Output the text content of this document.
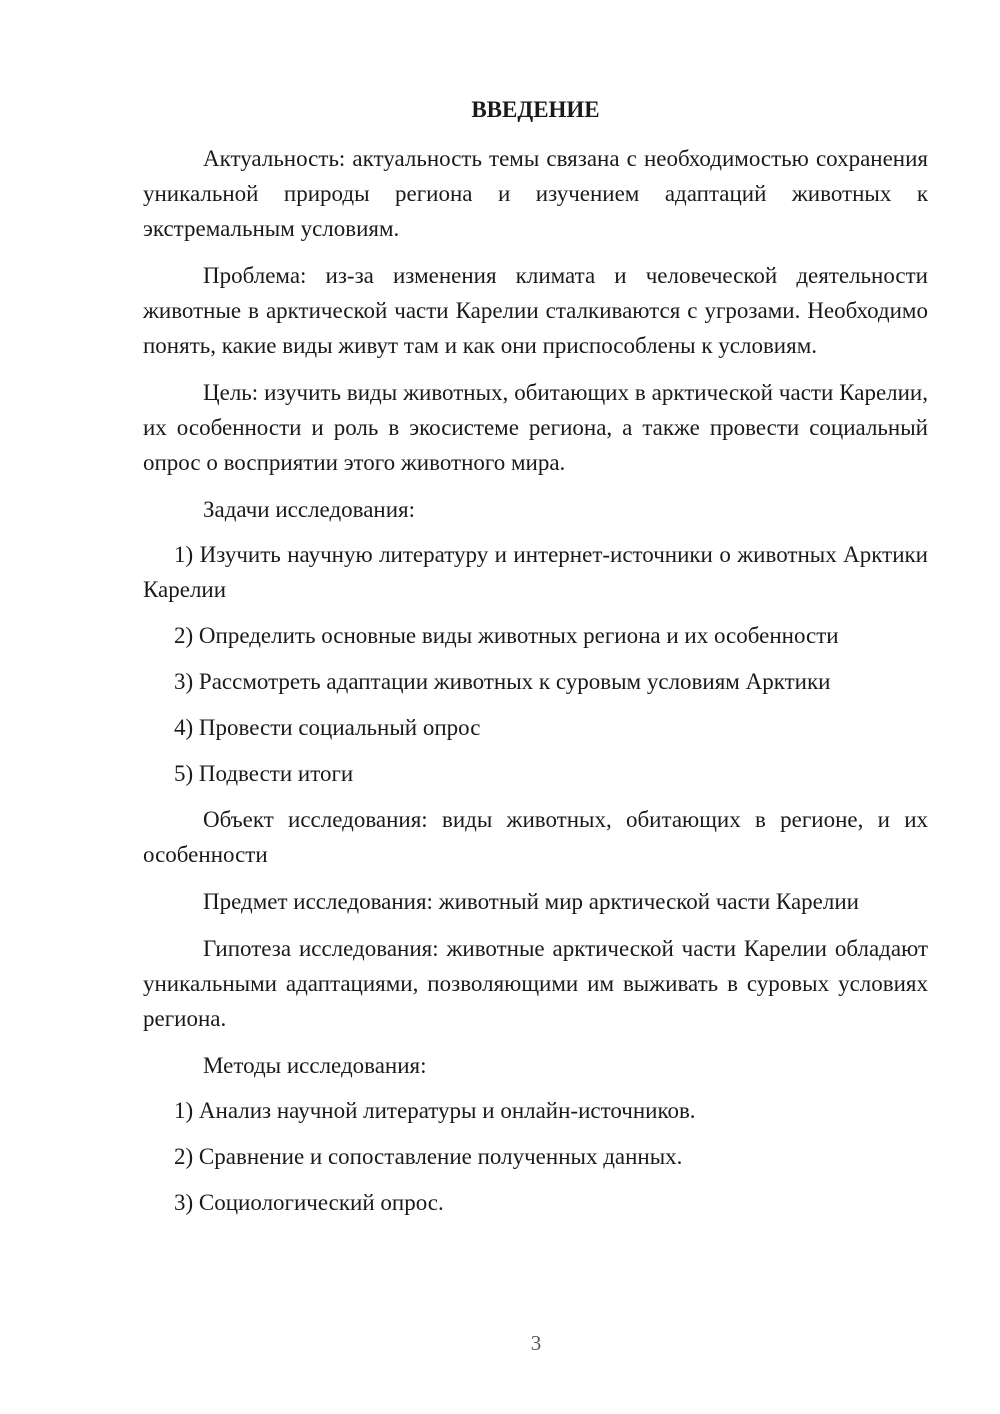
ВВЕДЕНИЕ

Актуальность: актуальность темы связана с необходимостью сохранения уникальной природы региона и изучением адаптаций животных к экстремальным условиям.

Проблема: из-за изменения климата и человеческой деятельности животные в арктической части Карелии сталкиваются с угрозами. Необходимо понять, какие виды живут там и как они приспособлены к условиям.

Цель: изучить виды животных, обитающих в арктической части Карелии, их особенности и роль в экосистеме региона, а также провести социальный опрос о восприятии этого животного мира.

Задачи исследования:

1) Изучить научную литературу и интернет-источники о животных Арктики Карелии

2) Определить основные виды животных региона и их особенности

3) Рассмотреть адаптации животных к суровым условиям Арктики

4) Провести социальный опрос

5) Подвести итоги

Объект исследования: виды животных, обитающих в регионе, и их особенности

Предмет исследования: животный мир арктической части Карелии

Гипотеза исследования: животные арктической части Карелии обладают уникальными адаптациями, позволяющими им выживать в суровых условиях региона.

Методы исследования:

1) Анализ научной литературы и онлайн-источников.

2) Сравнение и сопоставление полученных данных.

3) Социологический опрос.

3
